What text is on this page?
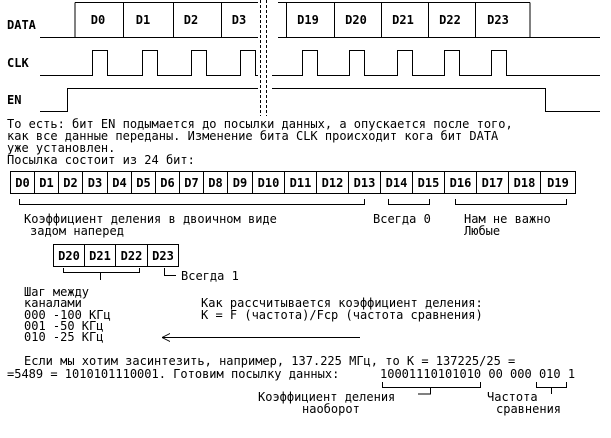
DATA
CLK
EN
D0	D1	D2	D3	D19 D20 D21 D22 D23
То есть: бит EN подымается до посылки данных, а опускается после того,
как все данные переданы. Изменение бита CLK происходит кога бит DATA
уже установлен.
Посылка состоит из 24 бит:
D0 D1 D2 D3 D4 D5 D6 D7 D8 D9 D10 D11 D12 D13 D14 D15 D16 D17 D18 D19
D20 D21 D22 D23
Коэффициент деления в двоичном виде
задом наперед
Всегда 0	Нам не важно
Любые
Всегда 1
Шаг между
каналами
000 -100 КГц
001 -50 КГц
010 -25 КГц
Как рассчитывается коэффициент деления:
K = F (частота)/Fcp (частота сравнения)
Если мы хотим засинтезить, например, 137.225 МГц, то K = 137225/25 =
=5489 = 1010101110001. Готовим посылку данных:	10001110101010 00 000 010 1
Коэффициент деления
наоборот
Частота
сравнения
